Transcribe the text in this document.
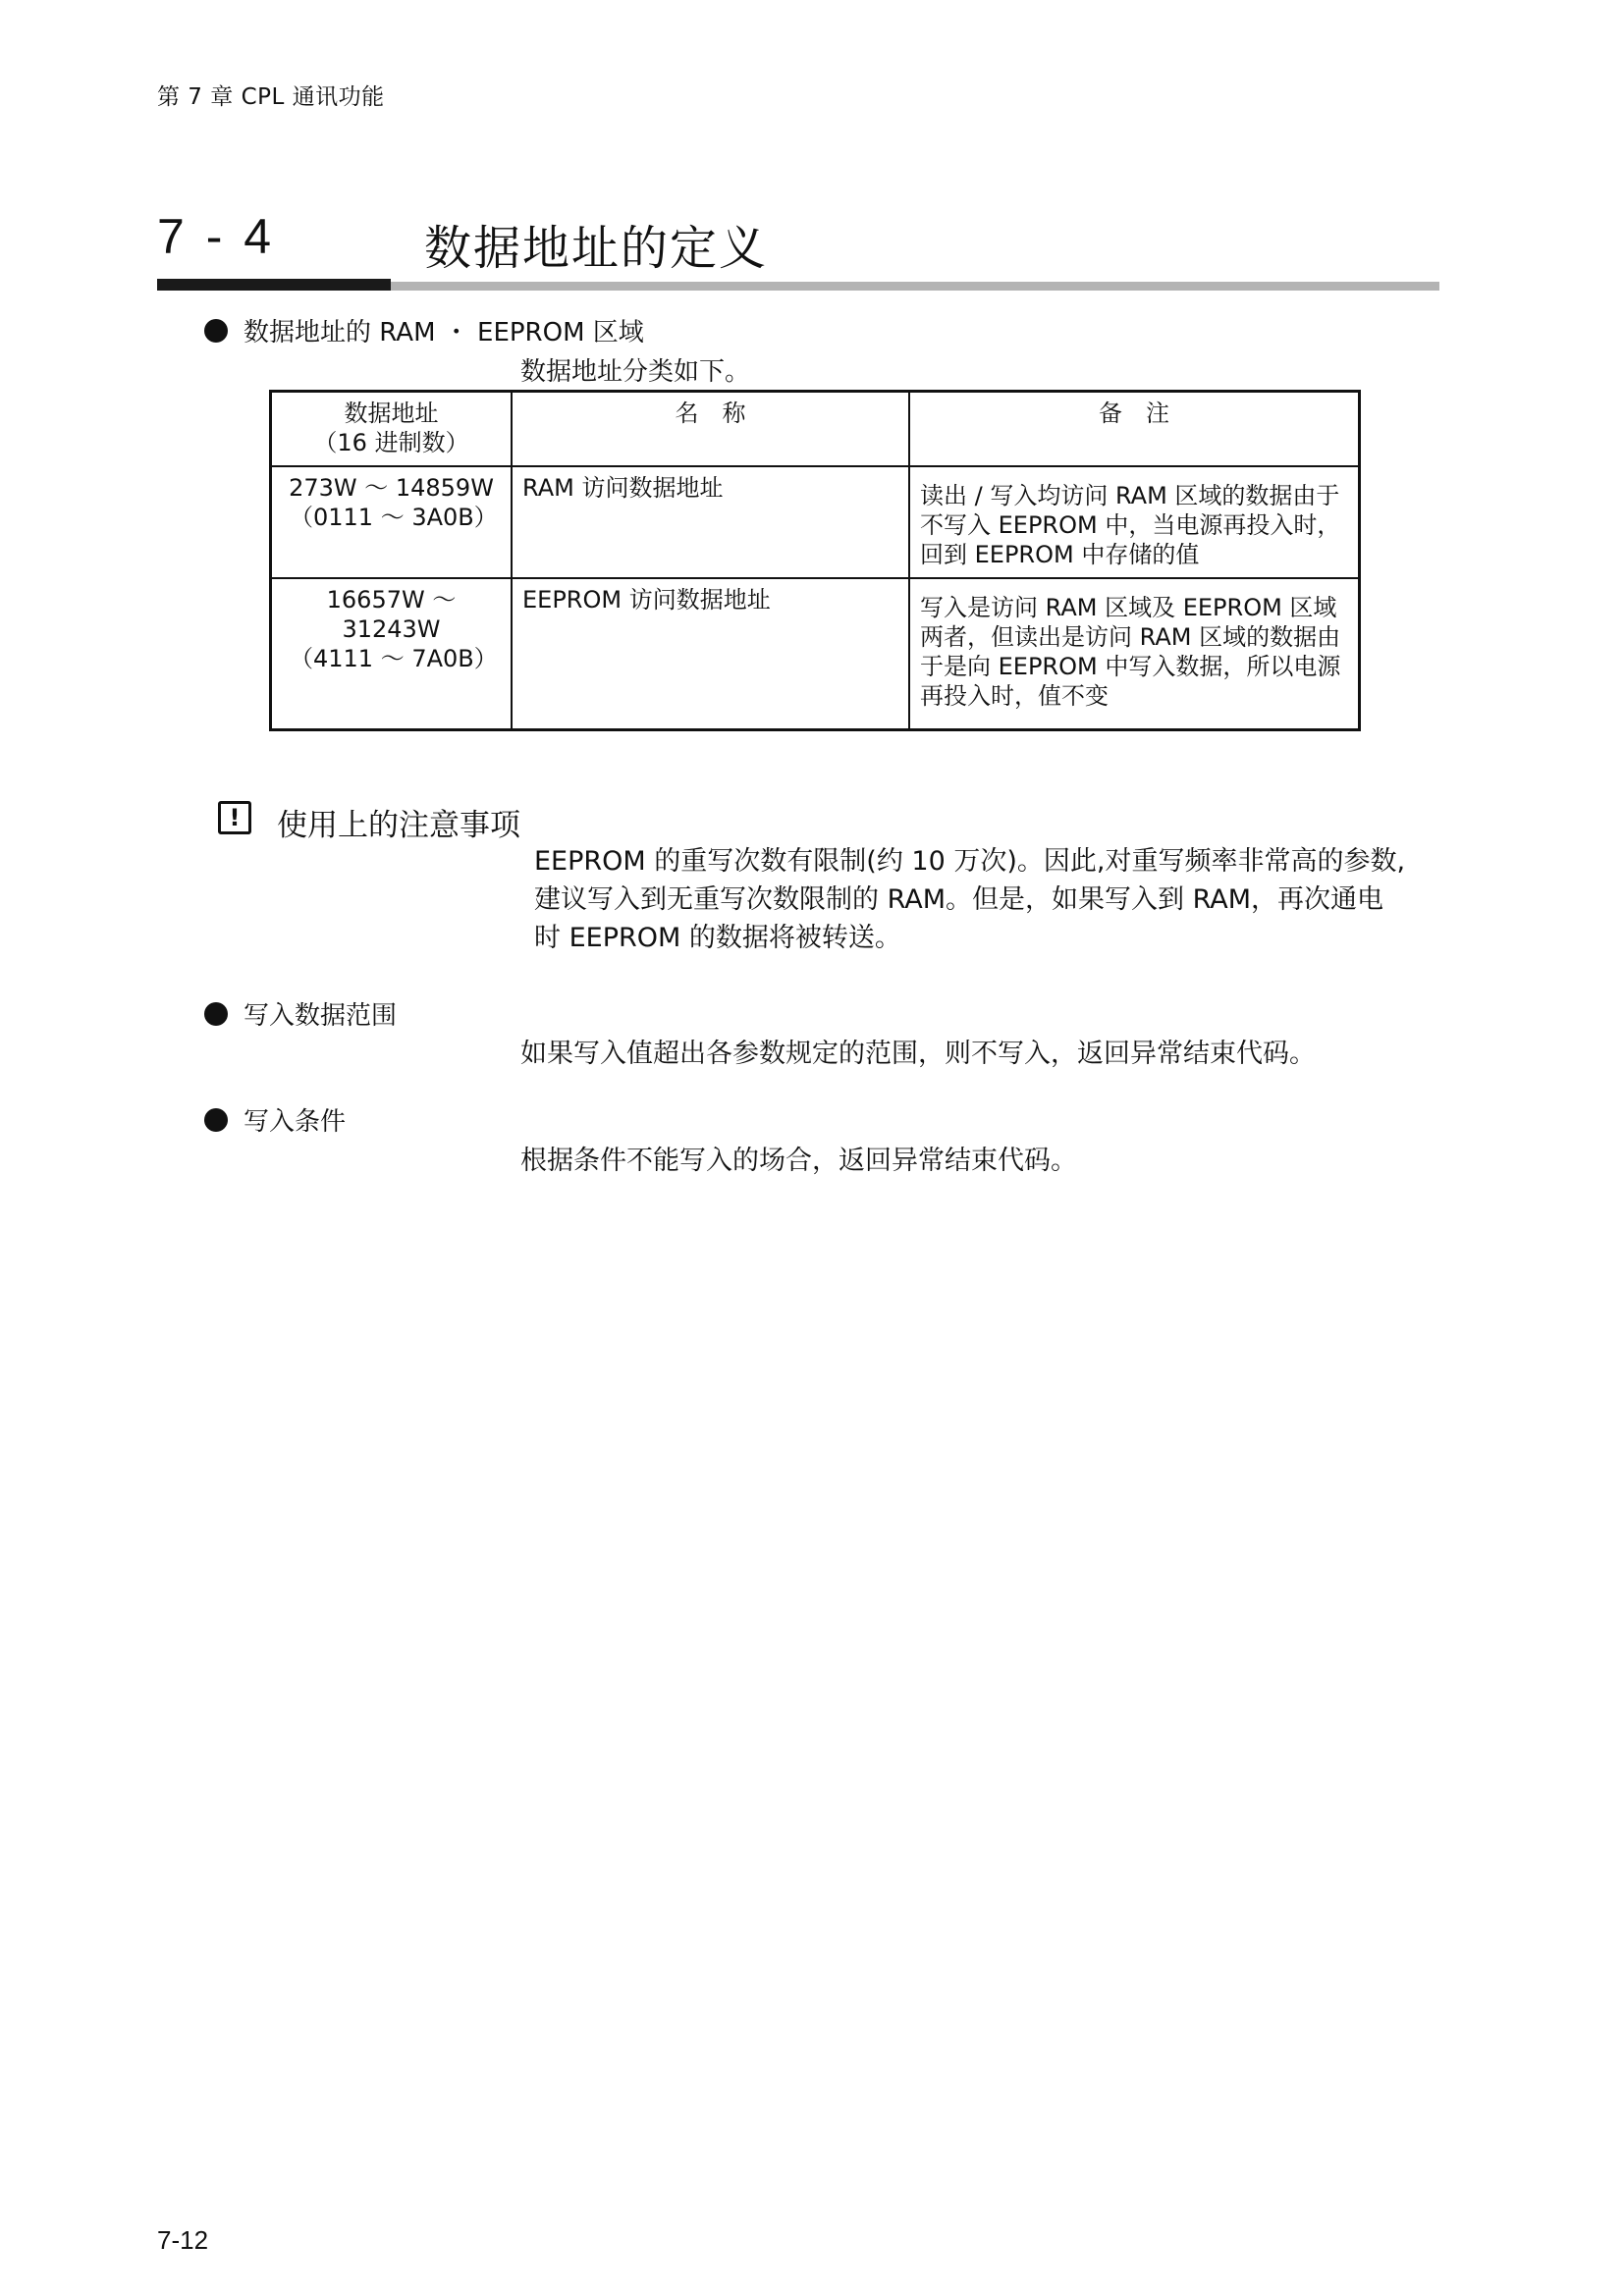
第 7 章 CPL 通讯功能
7 - 4	数据地址的定义
数据地址的 RAM ・ EEPROM 区域
数据地址分类如下。
数据地址
（16 进制数）	名　称	备　注

273W ～ 14859W
（0111 ～ 3A0B）	RAM 访问数据地址	读出 / 写入均访问 RAM 区域的数据由于不写入 EEPROM 中，当电源再投入时，回到 EEPROM 中存储的值

16657W ～ 31243W
（4111 ～ 7A0B）	EEPROM 访问数据地址	写入是访问 RAM 区域及 EEPROM 区域两者，但读出是访问 RAM 区域的数据由于是向 EEPROM 中写入数据，所以电源再投入时，值不变
!	使用上的注意事项
EEPROM 的重写次数有限制(约 10 万次)。因此,对重写频率非常高的参数,
建议写入到无重写次数限制的 RAM。但是，如果写入到 RAM，再次通电
时 EEPROM 的数据将被转送。
写入数据范围
如果写入值超出各参数规定的范围，则不写入，返回异常结束代码。
写入条件
根据条件不能写入的场合，返回异常结束代码。
7-12
